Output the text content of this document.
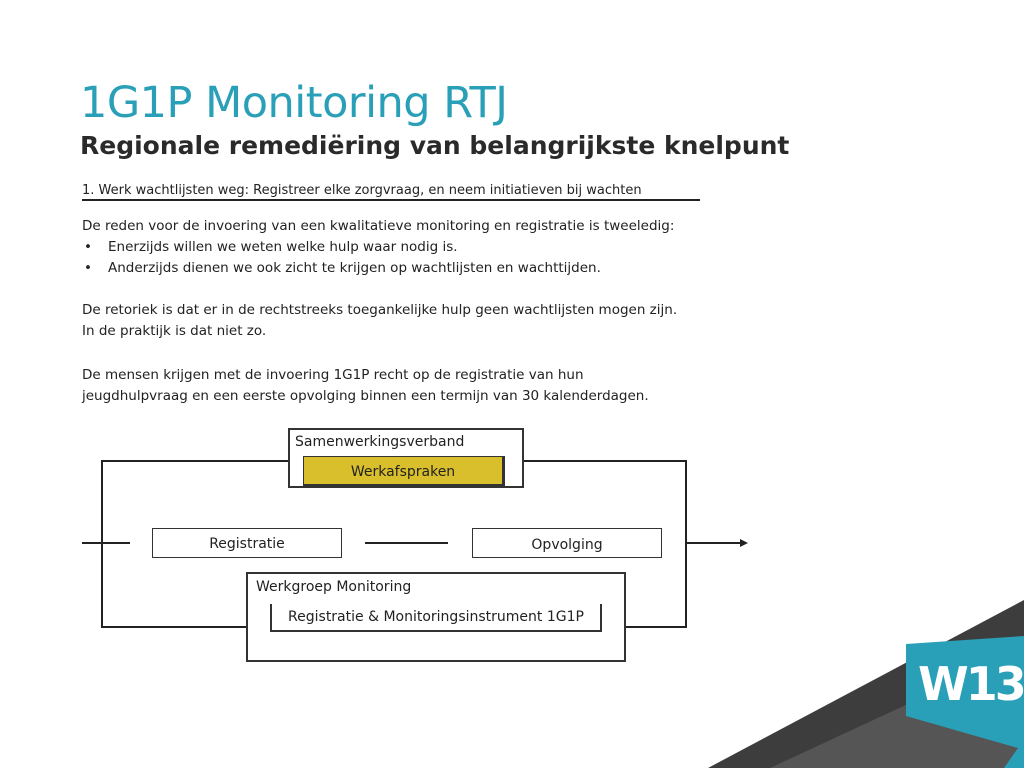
W13
1G1P Monitoring RTJ
Regionale remediëring van belangrijkste knelpunt
1. Werk wachtlijsten weg: Registreer elke zorgvraag, en neem initiatieven bij wachten

De reden voor de invoering van een kwalitatieve monitoring en registratie is tweeledig:

•	Enerzijds willen we weten welke hulp waar nodig is.
•	Anderzijds dienen we ook zicht te krijgen op wachtlijsten en wachttijden.

De retoriek is dat er in de rechtstreeks toegankelijke hulp geen wachtlijsten mogen zijn.

In de praktijk is dat niet zo.

De mensen krijgen met de invoering 1G1P recht op de registratie van hun

jeugdhulpvraag en een eerste opvolging binnen een termijn van 30 kalenderdagen.

Samenwerkingsverband
Werkafspraken
Registratie	Opvolging
Werkgroep Monitoring
Registratie & Monitoringsinstrument 1G1P
